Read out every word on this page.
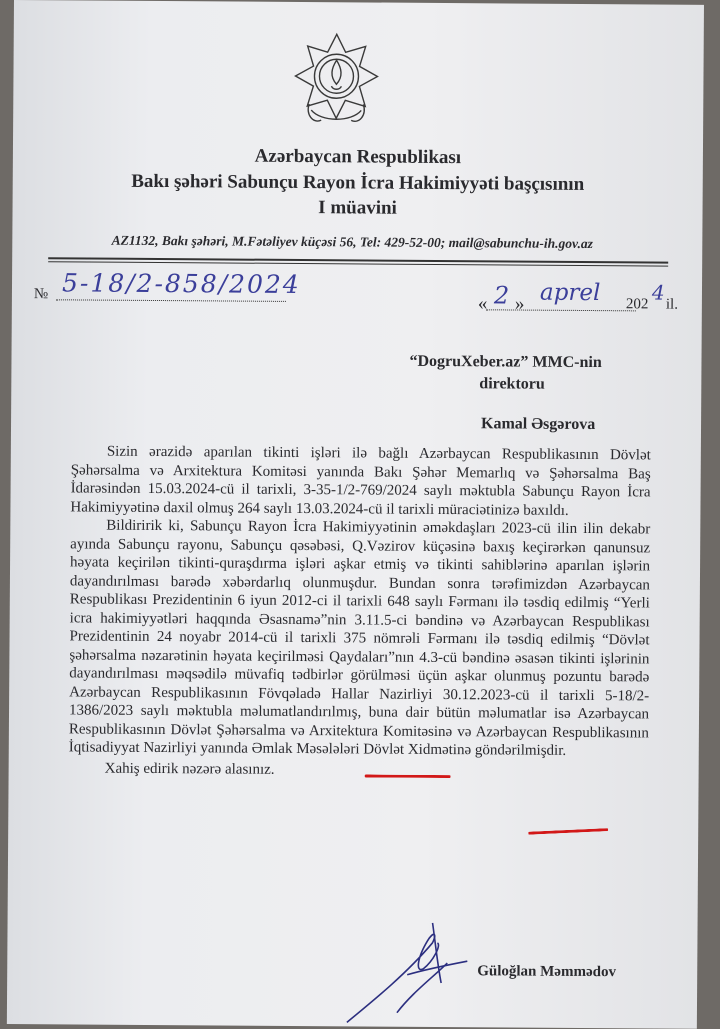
Azərbaycan Respublikası
Bakı şəhəri Sabunçu Rayon İcra Hakimiyyəti başçısının
I müavini
AZ1132, Bakı şəhəri, M.Fətəliyev küçəsi 56, Tel: 429-52-00; mail@sabunchu-ih.gov.az
№ 5-18/2-858/2024
« 2 » aprel 202 4
il.
“DogruXeber.az” MMC-nin
direktoru
Kamal Əsgərova

Sizin ərazidə aparılan tikinti işləri ilə bağlı Azərbaycan Respublikasının Dövlət Şəhərsalma və Arxitektura Komitəsi yanında Bakı Şəhər Memarlıq və Şəhərsalma Baş İdarəsindən 15.03.2024-cü il tarixli, 3-35-1/2-769/2024 saylı məktubla Sabunçu Rayon İcra Hakimiyyətinə daxil olmuş 264 saylı 13.03.2024-cü il tarixli müraciətinizə baxıldı.

Bildiririk ki, Sabunçu Rayon İcra Hakimiyyətinin əməkdaşları 2023-cü ilin ilin dekabr ayında Sabunçu rayonu, Sabunçu qəsəbəsi, Q.Vəzirov küçəsinə baxış keçirərkən qanunsuz həyata keçirilən tikinti-quraşdırma işləri aşkar etmiş və tikinti sahiblərinə aparılan işlərin dayandırılması barədə xəbərdarlıq olunmuşdur. Bundan sonra tərəfimizdən Azərbaycan Respublikası Prezidentinin 6 iyun 2012-ci il tarixli 648 saylı Fərmanı ilə təsdiq edilmiş “Yerli icra hakimiyyətləri haqqında Əsasnamə”nin 3.11.5-ci bəndinə və Azərbaycan Respublikası Prezidentinin 24 noyabr 2014-cü il tarixli 375 nömrəli Fərmanı ilə təsdiq edilmiş “Dövlət şəhərsalma nəzarətinin həyata keçirilməsi Qaydaları”nın 4.3-cü bəndinə əsasən tikinti işlərinin dayandırılması məqsədilə müvafiq tədbirlər görülməsi üçün aşkar olunmuş pozuntu barədə Azərbaycan Respublikasının Fövqəladə Hallar Nazirliyi 30.12.2023-cü il tarixli 5-18/2-1386/2023 saylı məktubla məlumatlandırılmış, buna dair bütün məlumatlar isə Azərbaycan Respublikasının Dövlət Şəhərsalma və Arxitektura Komitəsinə və Azərbaycan Respublikasının İqtisadiyyat Nazirliyi yanında Əmlak Məsələləri Dövlət Xidmətinə göndərilmişdir.

Xahiş edirik nəzərə alasınız.

Güloğlan Məmmədov
